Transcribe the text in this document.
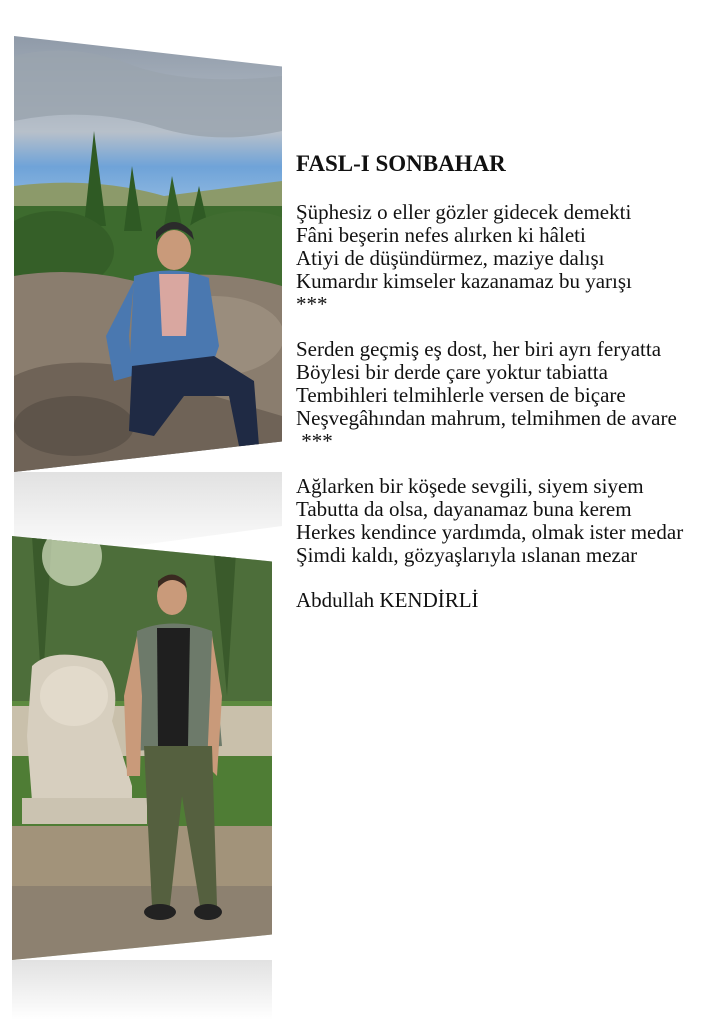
FASL-I SONBAHAR
Şüphesiz o eller gözler gidecek demekti
Fâni beşerin nefes alırken ki hâleti
Atiyi de düşündürmez, maziye dalışı
Kumardır kimseler kazanamaz bu yarışı
***
Serden geçmiş eş dost, her biri ayrı feryatta
Böylesi bir derde çare yoktur tabiatta
Tembihleri telmihlerle versen de biçare
Neşvegâhından mahrum, telmihmen de avare
***
Ağlarken bir köşede sevgili, siyem siyem
Tabutta da olsa, dayanamaz buna kerem
Herkes kendince yardımda, olmak ister medar
Şimdi kaldı, gözyaşlarıyla ıslanan mezar
Abdullah KENDİRLİ
